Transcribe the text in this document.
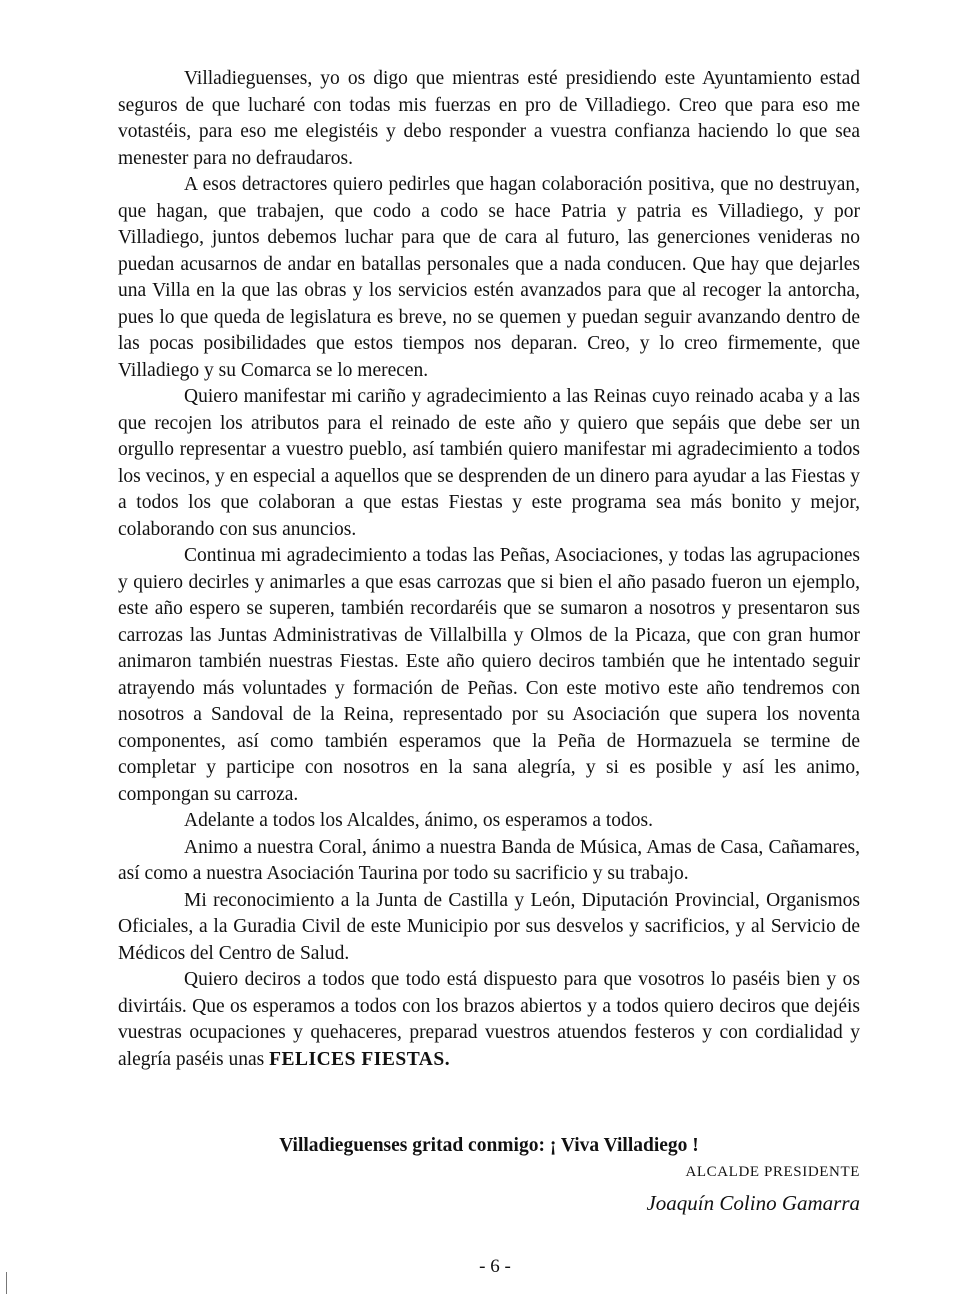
Villadieguenses, yo os digo que mientras esté presidiendo este Ayuntamiento estad seguros de que lucharé con todas mis fuerzas en pro de Villadiego. Creo que para eso me votastéis, para eso me elegistéis y debo responder a vuestra confianza haciendo lo que sea menester para no defraudaros.

A esos detractores quiero pedirles que hagan colaboración positiva, que no destruyan, que hagan, que trabajen, que codo a codo se hace Patria y patria es Villadiego, y por Villadiego, juntos debemos luchar para que de cara al futuro, las generciones venideras no puedan acusarnos de andar en batallas personales que a nada conducen. Que hay que dejarles una Villa en la que las obras y los servicios estén avanzados para que al recoger la antorcha, pues lo que queda de legislatura es breve, no se quemen y puedan seguir avanzando dentro de las pocas posibilidades que estos tiempos nos deparan. Creo, y lo creo firmemente, que Villadiego y su Comarca se lo merecen.

Quiero manifestar mi cariño y agradecimiento a las Reinas cuyo reinado acaba y a las que recojen los atributos para el reinado de este año y quiero que sepáis que debe ser un orgullo representar a vuestro pueblo, así también quiero manifestar mi agradecimiento a todos los vecinos, y en especial a aquellos que se desprenden de un dinero para ayudar a las Fiestas y a todos los que colaboran a que estas Fiestas y este programa sea más bonito y mejor, colaborando con sus anuncios.

Continua mi agradecimiento a todas las Peñas, Asociaciones, y todas las agrupaciones y quiero decirles y animarles a que esas carrozas que si bien el año pasado fueron un ejemplo, este año espero se superen, también recordaréis que se sumaron a nosotros y presentaron sus carrozas las Juntas Administrativas de Villalbilla y Olmos de la Picaza, que con gran humor animaron también nuestras Fiestas. Este año quiero deciros también que he intentado seguir atrayendo más voluntades y formación de Peñas. Con este motivo este año tendremos con nosotros a Sandoval de la Reina, representado por su Asociación que supera los noventa componentes, así como también esperamos que la Peña de Hormazuela se termine de completar y participe con nosotros en la sana alegría, y si es posible y así les animo, compongan su carroza.

Adelante a todos los Alcaldes, ánimo, os esperamos a todos.

Animo a nuestra Coral, ánimo a nuestra Banda de Música, Amas de Casa, Cañamares, así como a nuestra Asociación Taurina por todo su sacrificio y su trabajo.

Mi reconocimiento a la Junta de Castilla y León, Diputación Provincial, Organismos Oficiales, a la Guradia Civil de este Municipio por sus desvelos y sacrificios, y al Servicio de Médicos del Centro de Salud.

Quiero deciros a todos que todo está dispuesto para que vosotros lo paséis bien y os divirtáis. Que os esperamos a todos con los brazos abiertos y a todos quiero deciros que dejéis vuestras ocupaciones y quehaceres, preparad vuestros atuendos festeros y con cordialidad y alegría paséis unas FELICES FIESTAS.

Villadieguenses gritad conmigo: ¡ Viva Villadiego !
ALCALDE PRESIDENTE
Joaquín Colino Gamarra
- 6 -
